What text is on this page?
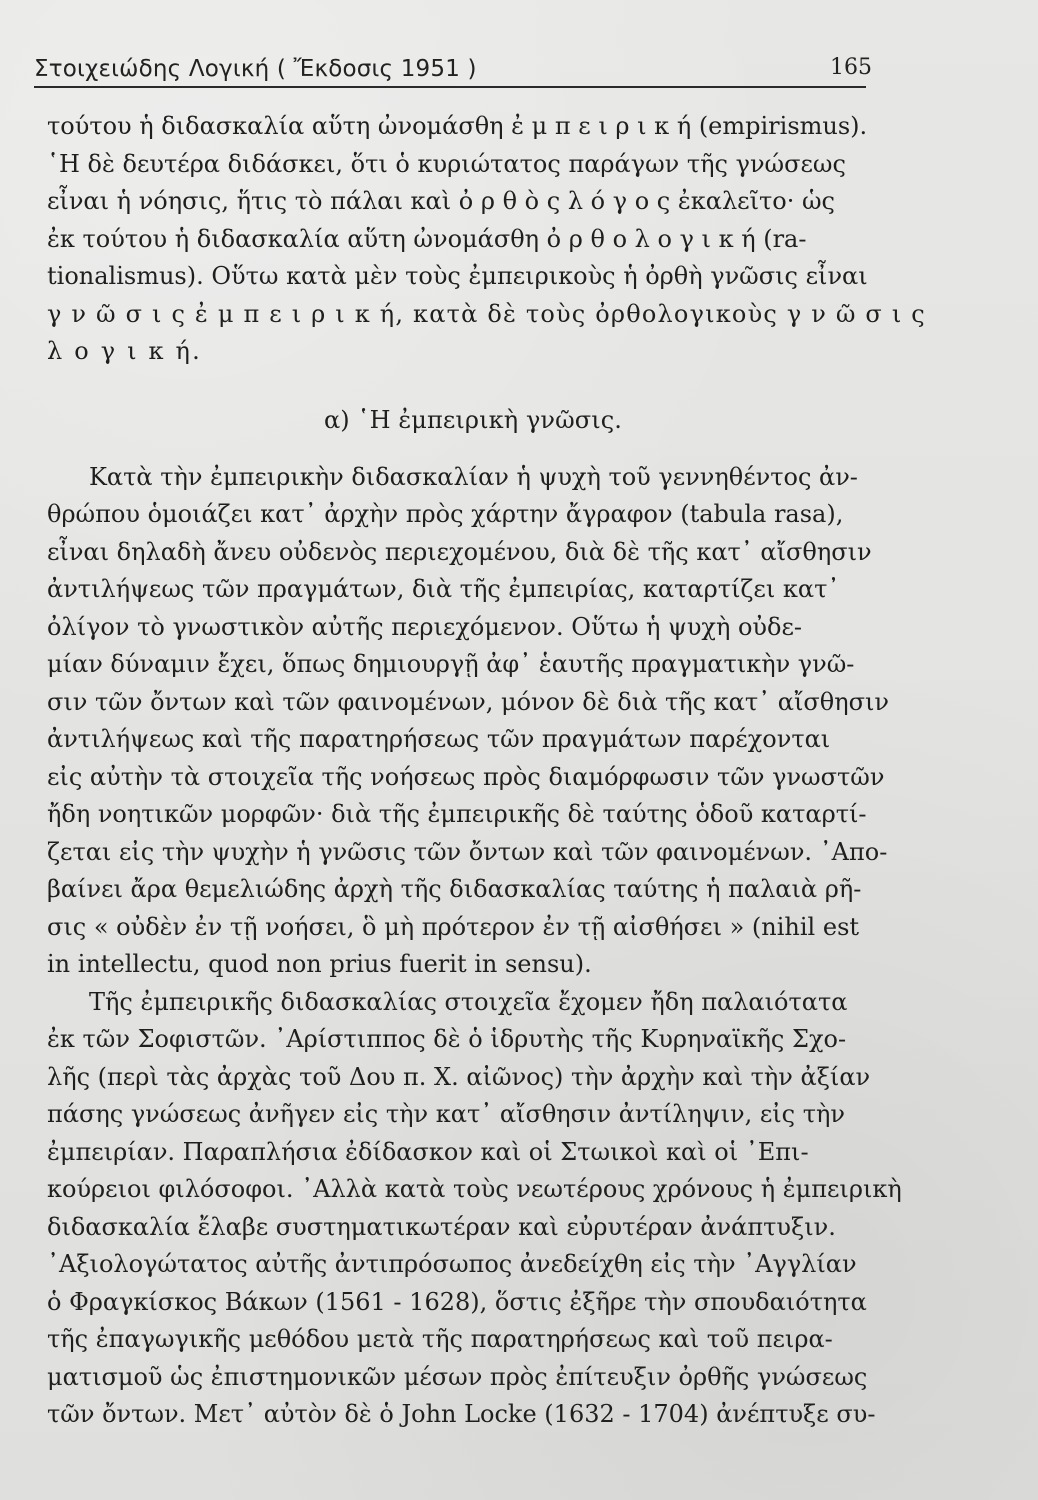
Στοιχειώδης Λογική ( Ἔκδοσις 1951 )	165
τούτου ἡ διδασκαλία αὕτη ὠνομάσθη ἐ μ π ε ι ρ ι κ ή (empirismus).
῾Η δὲ δευτέρα διδάσκει, ὅτι ὁ κυριώτατος παράγων τῆς γνώσεως
εἶναι ἡ νόησις, ἥτις τὸ πάλαι καὶ ὀ ρ θ ὸ ς λ ό γ ο ς ἐκαλεῖτο· ὡς
ἐκ τούτου ἡ διδασκαλία αὕτη ὠνομάσθη ὀ ρ θ ο λ ο γ ι κ ή (ra-
tionalismus). Οὕτω κατὰ μὲν τοὺς ἐμπειρικοὺς ἡ ὀρθὴ γνῶσις εἶναι
γ ν ῶ σ ι ς ἐ μ π ε ι ρ ι κ ή, κατὰ δὲ τοὺς ὀρθολογικοὺς γ ν ῶ σ ι ς
λ ο γ ι κ ή.
α) ῾Η ἐμπειρικὴ γνῶσις.
Κατὰ τὴν ἐμπειρικὴν διδασκαλίαν ἡ ψυχὴ τοῦ γεννηθέντος ἀν-
θρώπου ὁμοιάζει κατ᾿ ἀρχὴν πρὸς χάρτην ἄγραφον (tabula rasa),
εἶναι δηλαδὴ ἄνευ οὐδενὸς περιεχομένου, διὰ δὲ τῆς κατ᾿ αἴσθησιν
ἀντιλήψεως τῶν πραγμάτων, διὰ τῆς ἐμπειρίας, καταρτίζει κατ᾿
ὀλίγον τὸ γνωστικὸν αὐτῆς περιεχόμενον. Οὕτω ἡ ψυχὴ οὐδε-
μίαν δύναμιν ἔχει, ὅπως δημιουργῇ ἀφ᾿ ἑαυτῆς πραγματικὴν γνῶ-
σιν τῶν ὄντων καὶ τῶν φαινομένων, μόνον δὲ διὰ τῆς κατ᾿ αἴσθησιν
ἀντιλήψεως καὶ τῆς παρατηρήσεως τῶν πραγμάτων παρέχονται
εἰς αὐτὴν τὰ στοιχεῖα τῆς νοήσεως πρὸς διαμόρφωσιν τῶν γνωστῶν
ἤδη νοητικῶν μορφῶν· διὰ τῆς ἐμπειρικῆς δὲ ταύτης ὁδοῦ καταρτί-
ζεται εἰς τὴν ψυχὴν ἡ γνῶσις τῶν ὄντων καὶ τῶν φαινομένων. ᾿Απο-
βαίνει ἄρα θεμελιώδης ἀρχὴ τῆς διδασκαλίας ταύτης ἡ παλαιὰ ρῆ-
σις « οὐδὲν ἐν τῇ νοήσει, ὃ μὴ πρότερον ἐν τῇ αἰσθήσει » (nihil est
in intellectu, quod non prius fuerit in sensu).
Τῆς ἐμπειρικῆς διδασκαλίας στοιχεῖα ἔχομεν ἤδη παλαιότατα
ἐκ τῶν Σοφιστῶν. ᾿Αρίστιππος δὲ ὁ ἱδρυτὴς τῆς Κυρηναϊκῆς Σχο-
λῆς (περὶ τὰς ἀρχὰς τοῦ Δου π. Χ. αἰῶνος) τὴν ἀρχὴν καὶ τὴν ἀξίαν
πάσης γνώσεως ἀνῆγεν εἰς τὴν κατ᾿ αἴσθησιν ἀντίληψιν, εἰς τὴν
ἐμπειρίαν. Παραπλήσια ἐδίδασκον καὶ οἱ Στωικοὶ καὶ οἱ ᾿Επι-
κούρειοι φιλόσοφοι. ᾿Αλλὰ κατὰ τοὺς νεωτέρους χρόνους ἡ ἐμπειρικὴ
διδασκαλία ἔλαβε συστηματικωτέραν καὶ εὐρυτέραν ἀνάπτυξιν.
᾿Αξιολογώτατος αὐτῆς ἀντιπρόσωπος ἀνεδείχθη εἰς τὴν ᾿Αγγλίαν
ὁ Φραγκίσκος Βάκων (1561 - 1628), ὅστις ἐξῆρε τὴν σπουδαιότητα
τῆς ἐπαγωγικῆς μεθόδου μετὰ τῆς παρατηρήσεως καὶ τοῦ πειρα-
ματισμοῦ ὡς ἐπιστημονικῶν μέσων πρὸς ἐπίτευξιν ὀρθῆς γνώσεως
τῶν ὄντων. Μετ᾿ αὐτὸν δὲ ὁ John Locke (1632 - 1704) ἀνέπτυξε συ-
